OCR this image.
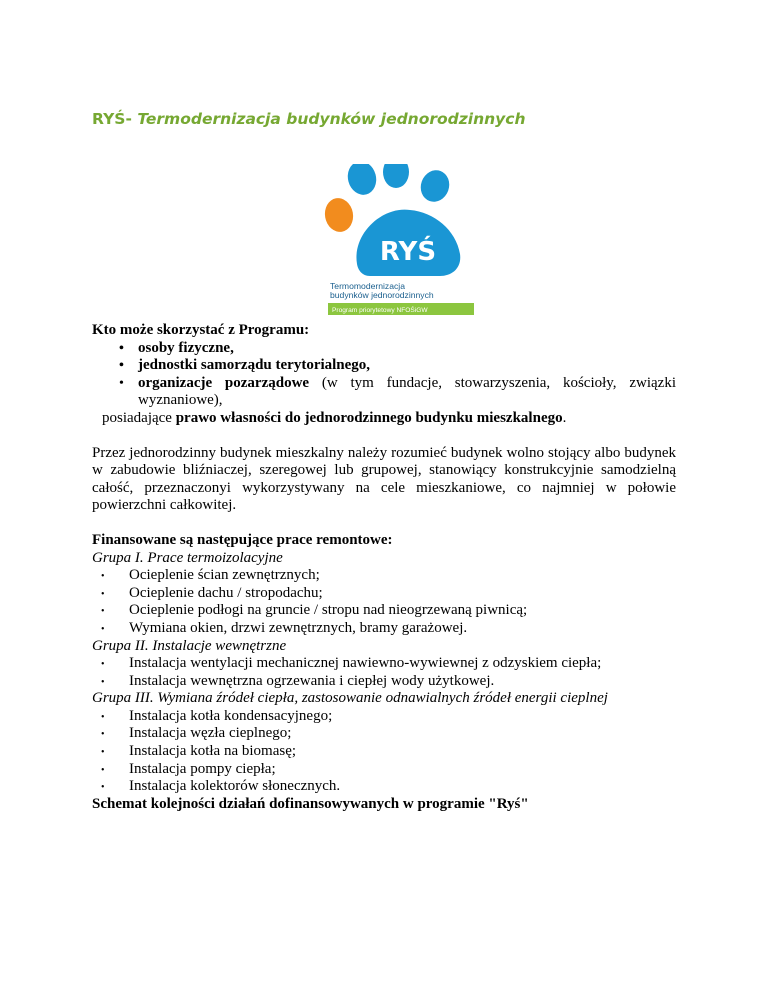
RYŚ- Termodernizacja budynków jednorodzinnych
RYŚ
Termomodernizacja
budynków jednorodzinnych
Program priorytetowy NFOŚiGW

Kto może skorzystać z Programu:

• osoby fizyczne,
• jednostki samorządu terytorialnego,
• organizacje pozarządowe (w tym fundacje, stowarzyszenia, kościoły, związki wyznaniowe),

posiadające prawo własności do jednorodzinnego budynku mieszkalnego.

Przez jednorodzinny budynek mieszkalny należy rozumieć budynek wolno stojący albo budynek w zabudowie bliźniaczej, szeregowej lub grupowej, stanowiący konstrukcyjnie samodzielną całość, przeznaczonyi wykorzystywany na cele mieszkaniowe, co najmniej w połowie powierzchni całkowitej.

Finansowane są następujące prace remontowe:

Grupa I. Prace termoizolacyjne

• Ocieplenie ścian zewnętrznych;
• Ocieplenie dachu / stropodachu;
• Ocieplenie podłogi na gruncie / stropu nad nieogrzewaną piwnicą;
• Wymiana okien, drzwi zewnętrznych, bramy garażowej.

Grupa II. Instalacje wewnętrzne

• Instalacja wentylacji mechanicznej nawiewno-wywiewnej z odzyskiem ciepła;
• Instalacja wewnętrzna ogrzewania i ciepłej wody użytkowej.

Grupa III. Wymiana źródeł ciepła, zastosowanie odnawialnych źródeł energii cieplnej

• Instalacja kotła kondensacyjnego;
• Instalacja węzła cieplnego;
• Instalacja kotła na biomasę;
• Instalacja pompy ciepła;
• Instalacja kolektorów słonecznych.

Schemat kolejności działań dofinansowywanych w programie "Ryś"
